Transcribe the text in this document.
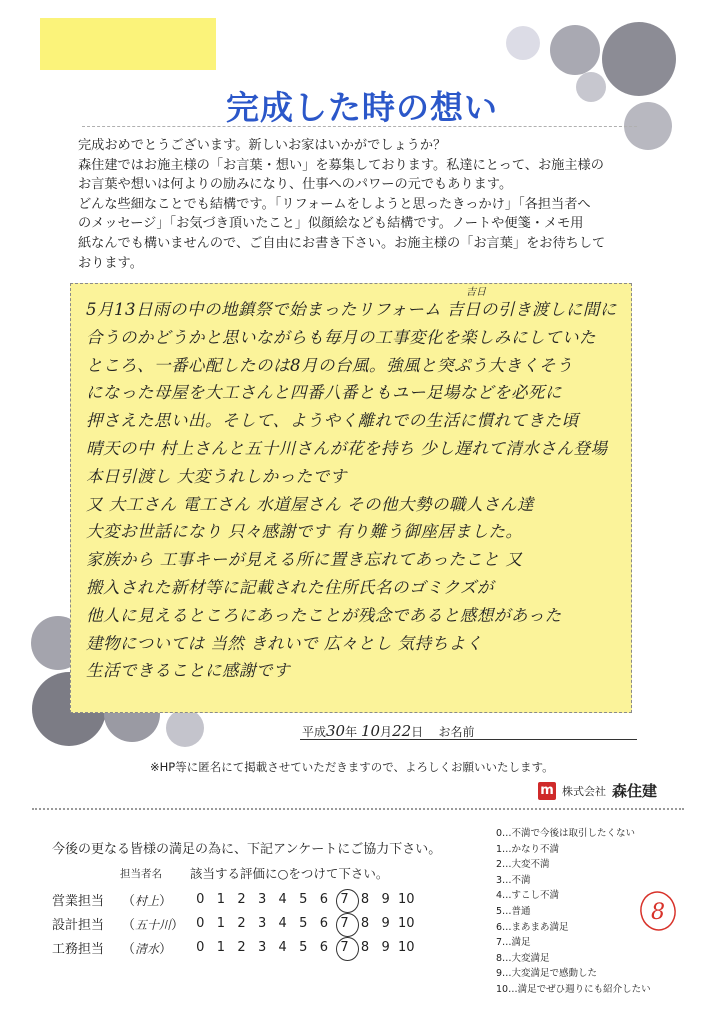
完成した時の想い

完成おめでとうございます。新しいお家はいかがでしょうか？

森住建ではお施主様の「お言葉・想い」を募集しております。私達にとって、お施主様の

お言葉や想いは何よりの励みになり、仕事へのパワーの元でもあります。

どんな些細なことでも結構です。「リフォームをしようと思ったきっかけ」「各担当者へ

のメッセージ」「お気づき頂いたこと」似顔絵なども結構です。ノートや便箋・メモ用

紙なんでも構いませんので、ご自由にお書き下さい。お施主様の「お言葉」をお待ちして

おります。

吉日

5月13日雨の中の地鎮祭で始まったリフォーム 吉日の引き渡しに間に

合うのかどうかと思いながらも毎月の工事変化を楽しみにしていた

ところ、一番心配したのは8月の台風。強風と突ぷう大きくそう

になった母屋を大工さんと四番八番ともユー足場などを必死に

押さえた思い出。そして、ようやく離れでの生活に慣れてきた頃

晴天の中 村上さんと五十川さんが花を持ち 少し遅れて清水さん登場

本日引渡し 大変うれしかったです

又 大工さん 電工さん 水道屋さん その他大勢の職人さん達

大変お世話になり 只々感謝です 有り難う御座居ました。

家族から 工事キーが見える所に置き忘れてあったこと 又

搬入された新材等に記載された住所氏名のゴミクズが

他人に見えるところにあったことが残念であると感想があった

建物については 当然 きれいで 広々とし 気持ちよく

生活できることに感謝です

平成30年 10月22日 お名前
※HP等に匿名にて掲載させていただきますので、よろしくお願いいたします。
m 株式会社 森住建
今後の更なる皆様の満足の為に、下記アンケートにご協力下さい。
担当者名 該当する評価に○をつけて下さい。
営業担当	（村上）	0 1 2 3 4 5 6 7 8 9 10
設計担当	（五十川） 0 1 2 3 4 5 6 7 8 9 10
工務担当	（清水）	0 1 2 3 4 5 6 7 8 9 10

0…不満で今後は取引したくない

1…かなり不満

2…大変不満

3…不満

4…すこし不満

5…普通

6…まあまあ満足

7…満足

8…大変満足

9…大変満足で感動した

10…満足でぜひ週りにも紹介したい

8
